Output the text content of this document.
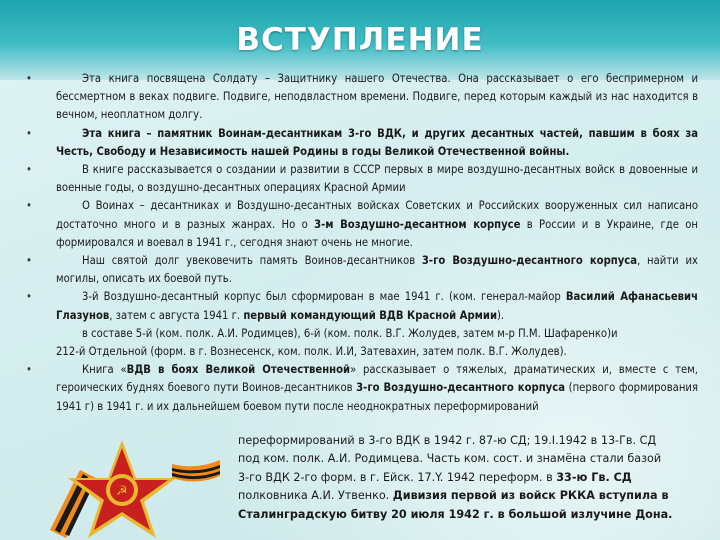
ВСТУПЛЕНИЕ
•	Эта книга посвящена Солдату – Защитнику нашего Отечества. Она рассказывает о его беспримерном и бессмертном в веках подвиге. Подвиге, неподвластном времени. Подвиге, перед которым каждый из нас находится в вечном, неоплатном долгу.
•	Эта книга – памятник Воинам-десантникам 3-го ВДК, и других десантных частей, павшим в боях за Честь, Свободу и Независимость нашей Родины в годы Великой Отечественной войны.
•	В книге рассказывается о создании и развитии в СССР первых в мире воздушно-десантных войск в довоенные и военные годы, о воздушно-десантных операциях Красной Армии
•	О Воинах – десантниках и Воздушно-десантных войсках Советских и Российских вооруженных сил написано достаточно много и в разных жанрах. Но о 3-м Воздушно-десантном корпусе в России и в Украине, где он формировался и воевал в 1941 г., сегодня знают очень не многие.
•	Наш святой долг увековечить память Воинов-десантников 3-го Воздушно-десантного корпуса, найти их могилы, описать их боевой путь.
•	3-й Воздушно-десантный корпус был сформирован в мае 1941 г. (ком. генерал-майор Василий Афанасьевич Глазунов, затем с августа 1941 г. первый командующий ВДВ Красной Армии).
в составе 5-й (ком. полк. А.И. Родимцев), 6-й (ком. полк. В.Г. Жолудев, затем м-р П.М. Шафаренко)и
212-й Отдельной (форм. в г. Вознесенск, ком. полк. И.И, Затевахин, затем полк. В.Г. Жолудев).
•	Книга «ВДВ в боях Великой Отечественной» рассказывает о тяжелых, драматических и, вместе с тем, героических буднях боевого пути Воинов-десантников 3-го Воздушно-десантного корпуса (первого формирования 1941 г) в 1941 г. и их дальнейшем боевом пути после неоднократных переформирований
☭
переформирований в 3-го ВДК в 1942 г. 87-ю СД; 19.I.1942 в 13-Гв. СД
под ком. полк. А.И. Родимцева. Часть ком. сост. и знамёна стали базой
3-го ВДК 2-го форм. в г. Ейск. 17.Y. 1942 переформ. в 33-ю Гв. СД
полковника А.И. Утвенко. Дивизия первой из войск РККА вступила в
Сталинградскую битву 20 июля 1942 г. в большой излучине Дона.
